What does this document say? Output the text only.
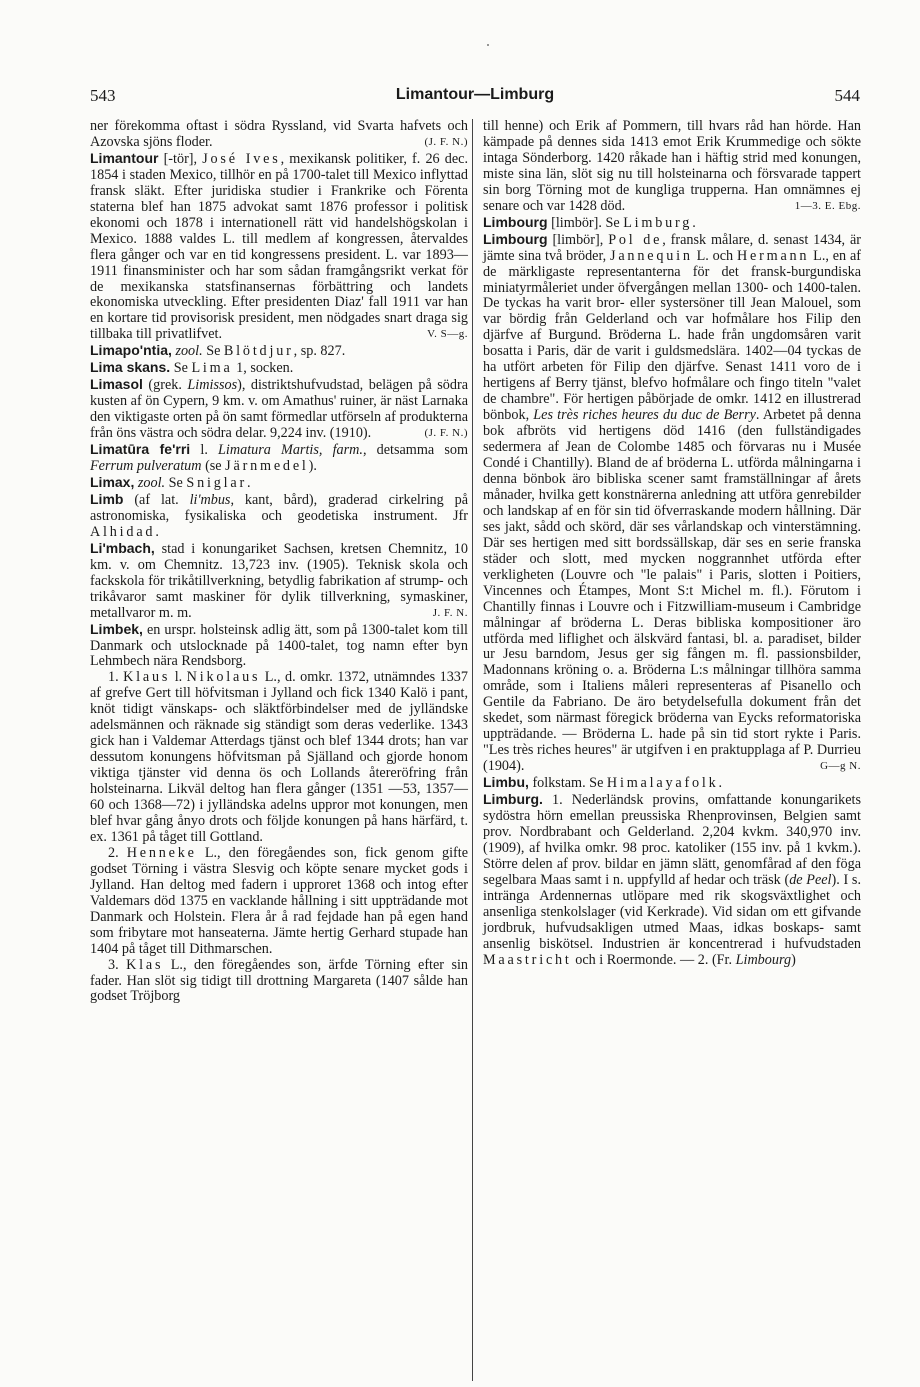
543	Limantour—Limburg	544

ner förekomma oftast i södra Ryssland, vid Svarta hafvets och Azovska sjöns floder.	(J. F. N.)

Limantour [-tör], José Ives, mexikansk politiker, f. 26 dec. 1854 i staden Mexico, tillhör en på 1700-talet till Mexico inflyttad fransk släkt. Efter juridiska studier i Frankrike och Förenta staterna blef han 1875 advokat samt 1876 professor i politisk ekonomi och 1878 i internationell rätt vid handelshögskolan i Mexico. 1888 valdes L. till medlem af kongressen, återvaldes flera gånger och var en tid kongressens president. L. var 1893—1911 finansminister och har som sådan framgångsrikt verkat för de mexikanska statsfinansernas förbättring och landets ekonomiska utveckling. Efter presidenten Diaz' fall 1911 var han en kortare tid provisorisk president, men nödgades snart draga sig tillbaka till privatlifvet.	V. S—g.

Limapo'ntia, zool. Se Blötdjur, sp. 827.

Lima skans. Se Lima 1, socken.

Limasol (grek. Limissos), distriktshufvudstad, belägen på södra kusten af ön Cypern, 9 km. v. om Amathus' ruiner, är näst Larnaka den viktigaste orten på ön samt förmedlar utförseln af produkterna från öns västra och södra delar. 9,224 inv. (1910).	(J. F. N.)

Limatūra fe'rri l. Limatura Martis, farm., detsamma som Ferrum pulveratum (se Järnmedel).

Limax, zool. Se Sniglar.

Limb (af lat. li'mbus, kant, bård), graderad cirkelring på astronomiska, fysikaliska och geodetiska instrument. Jfr Alhidad.

Li'mbach, stad i konungariket Sachsen, kretsen Chemnitz, 10 km. v. om Chemnitz. 13,723 inv. (1905). Teknisk skola och fackskola för trikåtillverkning, betydlig fabrikation af strump- och trikåvaror samt maskiner för dylik tillverkning, symaskiner, metallvaror m. m.	J. F. N.

Limbek, en urspr. holsteinsk adlig ätt, som på 1300-talet kom till Danmark och utslocknade på 1400-talet, tog namn efter byn Lehmbech nära Rendsborg.

1. Klaus l. Nikolaus L., d. omkr. 1372, utnämndes 1337 af grefve Gert till höfvitsman i Jylland och fick 1340 Kalö i pant, knöt tidigt vänskaps- och släktförbindelser med de jylländske adelsmännen och räknade sig ständigt som deras vederlike. 1343 gick han i Valdemar Atterdags tjänst och blef 1344 drots; han var dessutom konungens höfvitsman på Själland och gjorde honom viktiga tjänster vid denna ös och Lollands återeröfring från holsteinarna. Likväl deltog han flera gånger (1351 —53, 1357—60 och 1368—72) i jylländska adelns uppror mot konungen, men blef hvar gång ånyo drots och följde konungen på hans härfärd, t. ex. 1361 på tåget till Gottland.

2. Henneke L., den föregåendes son, fick genom gifte godset Törning i västra Slesvig och köpte senare mycket gods i Jylland. Han deltog med fadern i upproret 1368 och intog efter Valdemars död 1375 en vacklande hållning i sitt uppträdande mot Danmark och Holstein. Flera år å rad fejdade han på egen hand som fribytare mot hanseaterna. Jämte hertig Gerhard stupade han 1404 på tåget till Dithmarschen.

3. Klas L., den föregåendes son, ärfde Törning efter sin fader. Han slöt sig tidigt till drottning Margareta (1407 sålde han godset Tröjborg

till henne) och Erik af Pommern, till hvars råd han hörde. Han kämpade på dennes sida 1413 emot Erik Krummedige och sökte intaga Sönderborg. 1420 råkade han i häftig strid med konungen, miste sina län, slöt sig nu till holsteinarna och försvarade tappert sin borg Törning mot de kungliga trupperna. Han omnämnes ej senare och var 1428 död.	1—3. E. Ebg.

Limbourg [limbör]. Se Limburg.

Limbourg [limbör], Pol de, fransk målare, d. senast 1434, är jämte sina två bröder, Jannequin L. och Hermann L., en af de märkligaste representanterna för det fransk-burgundiska miniatyrmåleriet under öfvergången mellan 1300- och 1400-talen. De tyckas ha varit bror- eller systersöner till Jean Malouel, som var bördig från Gelderland och var hofmålare hos Filip den djärfve af Burgund. Bröderna L. hade från ungdomsåren varit bosatta i Paris, där de varit i guldsmedslära. 1402—04 tyckas de ha utfört arbeten för Filip den djärfve. Senast 1411 voro de i hertigens af Berry tjänst, blefvo hofmålare och fingo titeln "valet de chambre". För hertigen påbörjade de omkr. 1412 en illustrerad bönbok, Les très riches heures du duc de Berry. Arbetet på denna bok afbröts vid hertigens död 1416 (den fullständigades sedermera af Jean de Colombe 1485 och förvaras nu i Musée Condé i Chantilly). Bland de af bröderna L. utförda målningarna i denna bönbok äro bibliska scener samt framställningar af årets månader, hvilka gett konstnärerna anledning att utföra genrebilder och landskap af en för sin tid öfverraskande modern hållning. Där ses jakt, sådd och skörd, där ses vårlandskap och vinterstämning. Där ses hertigen med sitt bordssällskap, där ses en serie franska städer och slott, med mycken noggrannhet utförda efter verkligheten (Louvre och "le palais" i Paris, slotten i Poitiers, Vincennes och Étampes, Mont S:t Michel m. fl.). Förutom i Chantilly finnas i Louvre och i Fitzwilliam-museum i Cambridge målningar af bröderna L. Deras bibliska kompositioner äro utförda med liflighet och älskvärd fantasi, bl. a. paradiset, bilder ur Jesu barndom, Jesus ger sig fången m. fl. passionsbilder, Madonnans kröning o. a. Bröderna L:s målningar tillhöra samma område, som i Italiens måleri representeras af Pisanello och Gentile da Fabriano. De äro betydelsefulla dokument från det skedet, som närmast föregick bröderna van Eycks reformatoriska uppträdande. — Bröderna L. hade på sin tid stort rykte i Paris. "Les très riches heures" är utgifven i en praktupplaga af P. Durrieu (1904).	G—g N.

Limbu, folkstam. Se Himalayafolk.

Limburg. 1. Nederländsk provins, omfattande konungarikets sydöstra hörn emellan preussiska Rhenprovinsen, Belgien samt prov. Nordbrabant och Gelderland. 2,204 kvkm. 340,970 inv. (1909), af hvilka omkr. 98 proc. katoliker (155 inv. på 1 kvkm.). Större delen af prov. bildar en jämn slätt, genomfårad af den föga segelbara Maas samt i n. uppfylld af hedar och träsk (de Peel). I s. intränga Ardennernas utlöpare med rik skogsväxtlighet och ansenliga stenkolslager (vid Kerkrade). Vid sidan om ett gifvande jordbruk, hufvudsakligen utmed Maas, idkas boskaps- samt ansenlig biskötsel. Industrien är koncentrerad i hufvudstaden Maastricht och i Roermonde. — 2. (Fr. Limbourg)
